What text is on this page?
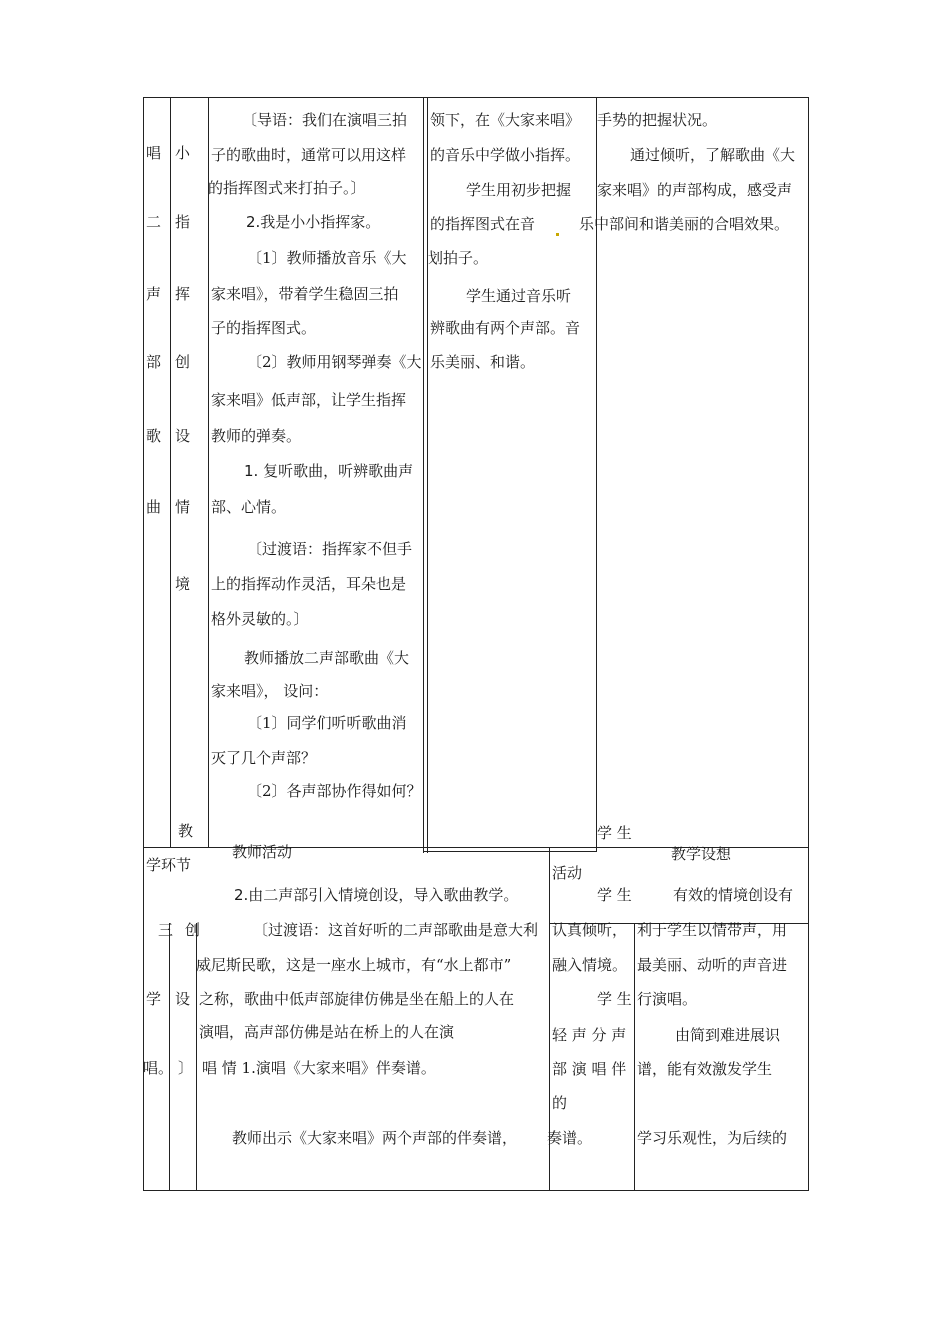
唱
二
声
部
歌
曲
小
指
挥
创
设
情
境
教
〔导语：我们在演唱三拍
子的歌曲时，通常可以用这样
的指挥图式来打拍子。〕
2.我是小小指挥家。
〔1〕教师播放音乐《大
家来唱》，带着学生稳固三拍
子的指挥图式。
〔2〕教师用钢琴弹奏《大
家来唱》低声部，让学生指挥
教师的弹奏。
1. 复听歌曲，听辨歌曲声
部、心情。
〔过渡语：指挥家不但手
上的指挥动作灵活，耳朵也是
格外灵敏的。〕
教师播放二声部歌曲《大
家来唱》， 设问：
〔1〕同学们听听歌曲消
灭了几个声部？
〔2〕各声部协作得如何？
领下，在《大家来唱》
的音乐中学做小指挥。
学生用初步把握
的指挥图式在音
划拍子。
学生通过音乐听
辨歌曲有两个声部。音
乐美丽、和谐。
学 生
手势的把握状况。
通过倾听，了解歌曲《大
家来唱》的声部构成，感受声
乐中部间和谐美丽的合唱效果。
学环节
教师活动
活动
教学设想
三
学
唱。
创
设
〕
2.由二声部引入情境创设，导入歌曲教学。
〔过渡语：这首好听的二声部歌曲是意大利
威尼斯民歌，这是一座水上城市，有“水上都市”
之称，歌曲中低声部旋律仿佛是坐在船上的人在
演唱，高声部仿佛是站在桥上的人在演
唱 情 1.演唱《大家来唱》伴奏谱。
教师出示《大家来唱》两个声部的伴奏谱，
学 生
认真倾听，
融入情境。
学 生
轻 声 分 声
部 演 唱 伴
的
奏谱。
有效的情境创设有
利于学生以情带声，用
最美丽、动听的声音进
行演唱。
由简到难进展识
谱，能有效激发学生
学习乐观性，为后续的
